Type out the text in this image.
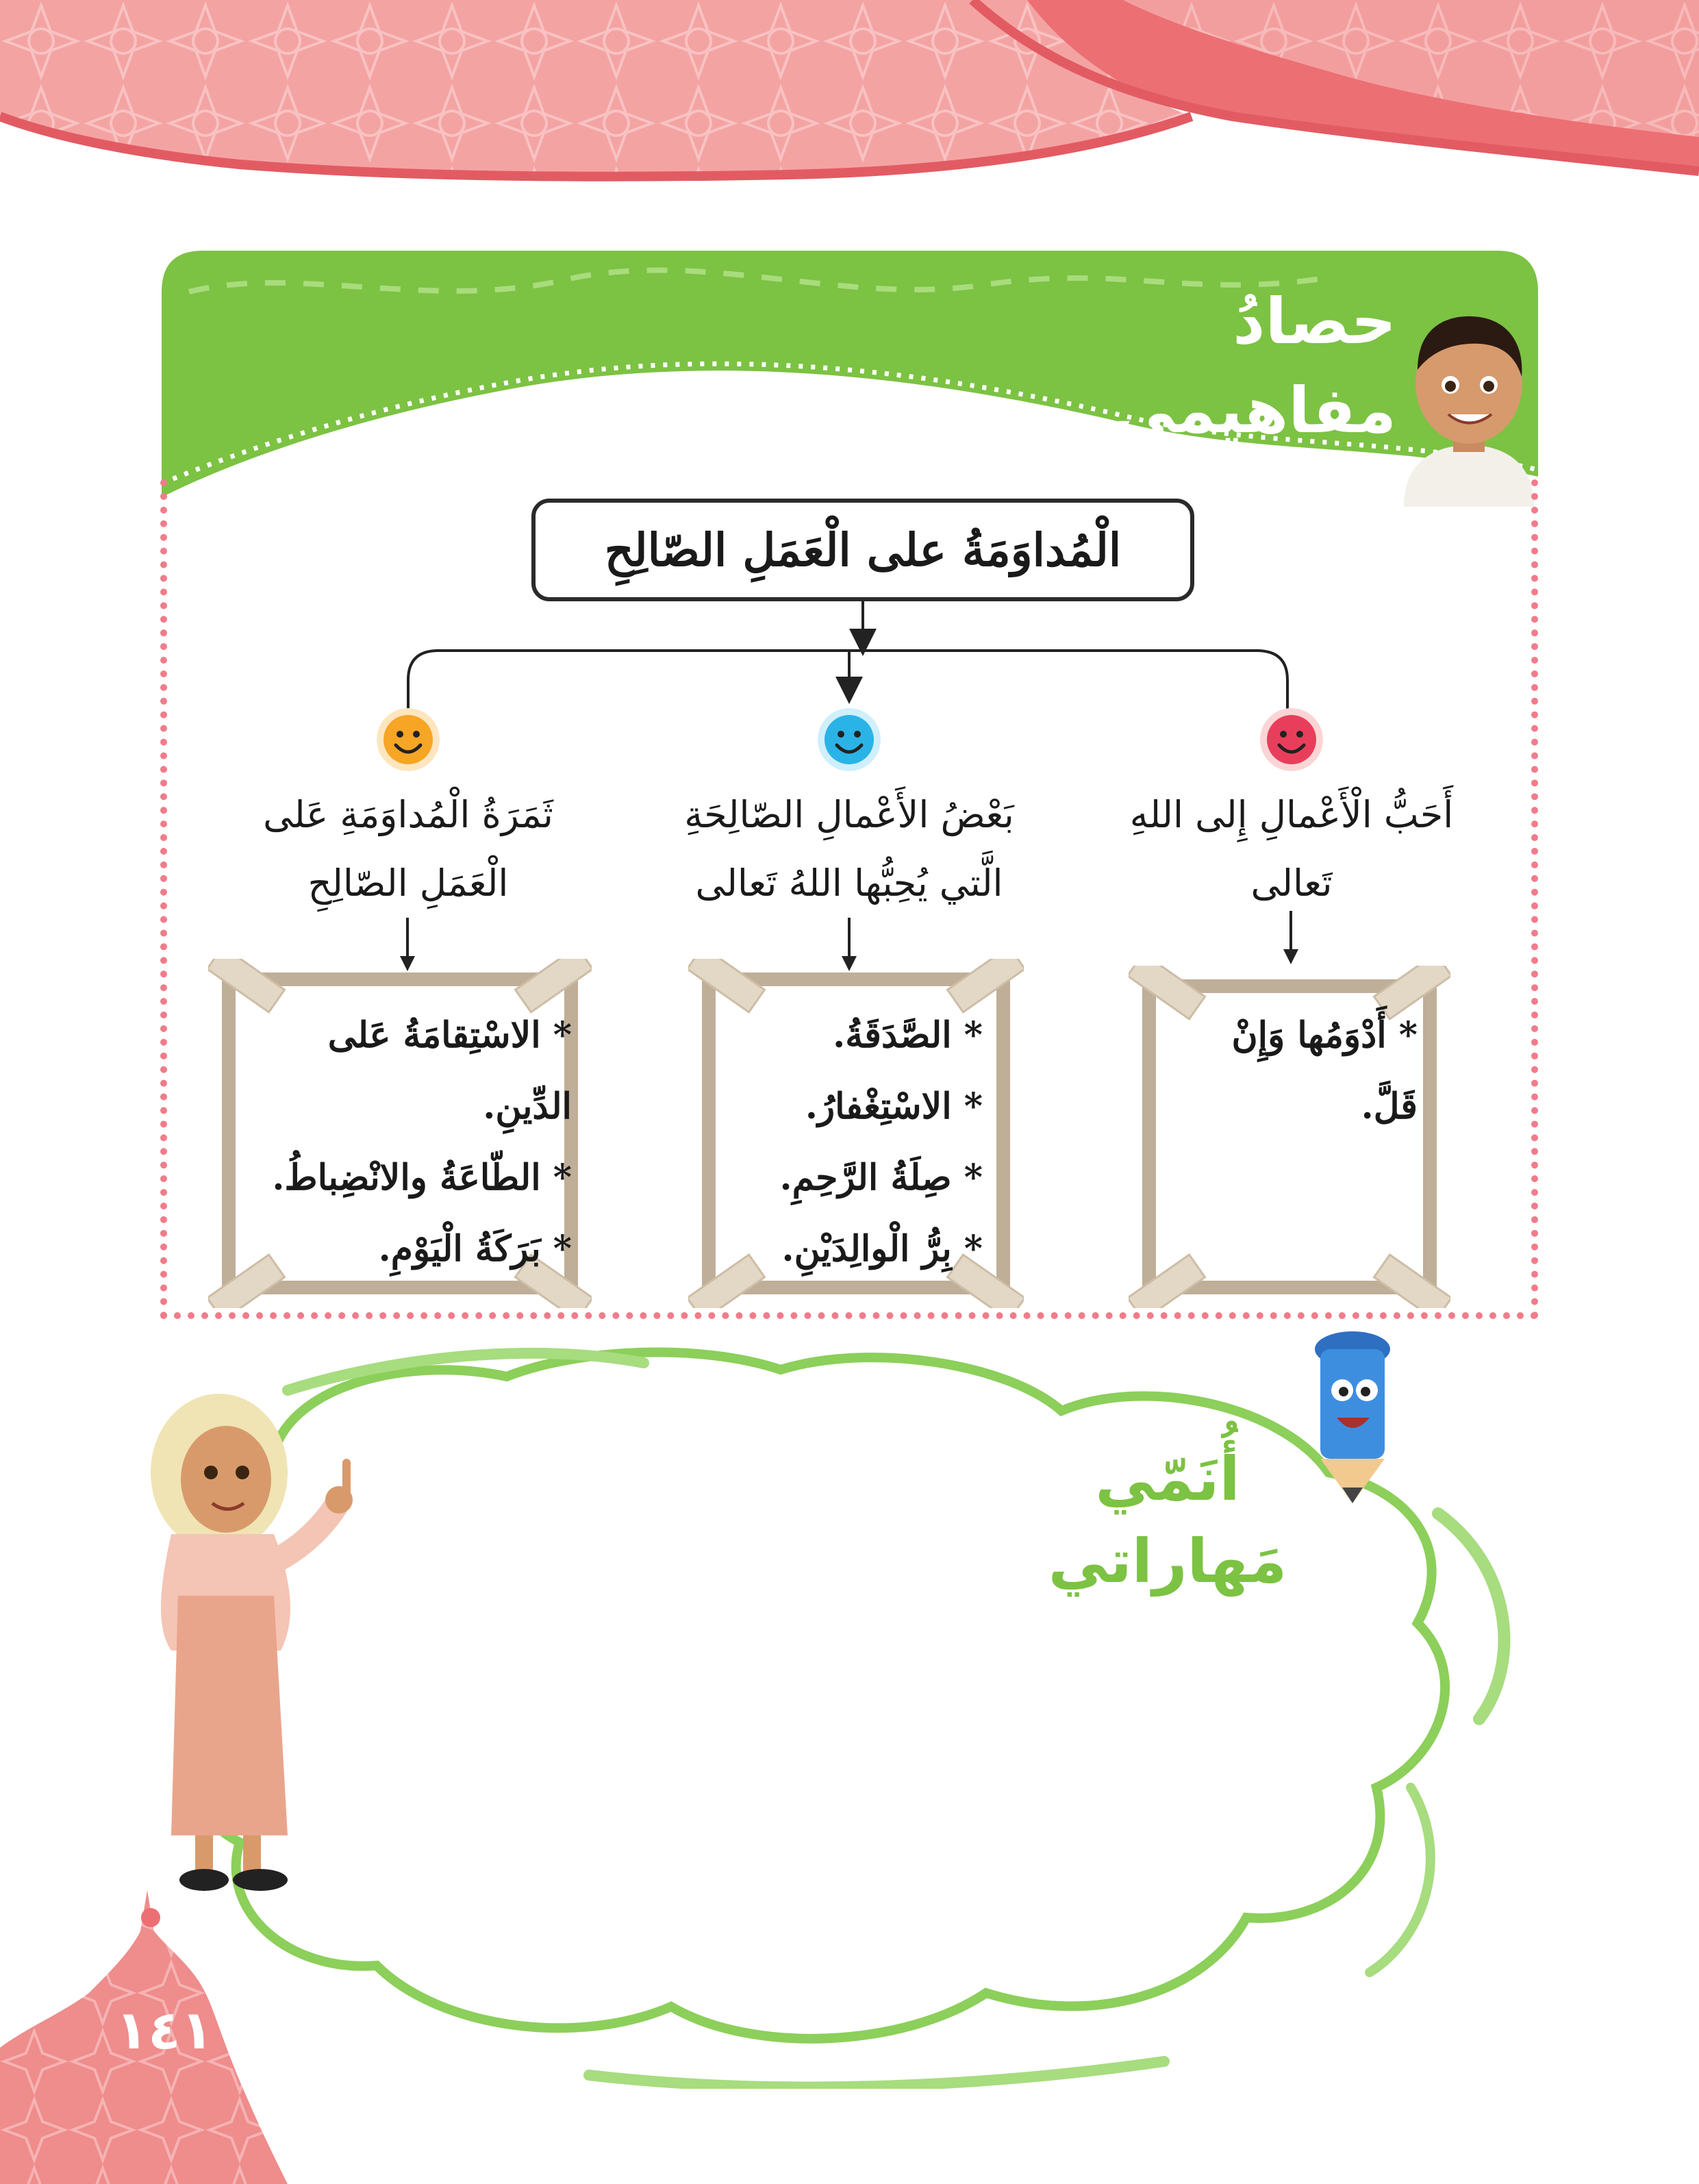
حصادُ
مفاهيمي
الْمُداوَمَةُ على الْعَمَلِ الصّالِحِ
أَحَبُّ الْأَعْمالِ إِلى اللهِ تَعالى
بَعْضُ الأَعْمالِ الصّالِحَةِ
الَّتي يُحِبُّها اللهُ تَعالى
ثَمَرَةُ الْمُداوَمَةِ عَلى
الْعَمَلِ الصّالِحِ
* أَدْوَمُها وَإِنْ قَلَّ.
* الصَّدَقَةُ.
* الاسْتِغْفارُ.
* صِلَةُ الرَّحِمِ.
* بِرُّ الْوالِدَيْنِ.
* الاسْتِقامَةُ عَلى الدِّينِ.
* الطّاعَةُ والانْضِباطُ.
* بَرَكَةُ الْيَوْمِ.
أُنَمّي
مَهاراتي
١٤١
